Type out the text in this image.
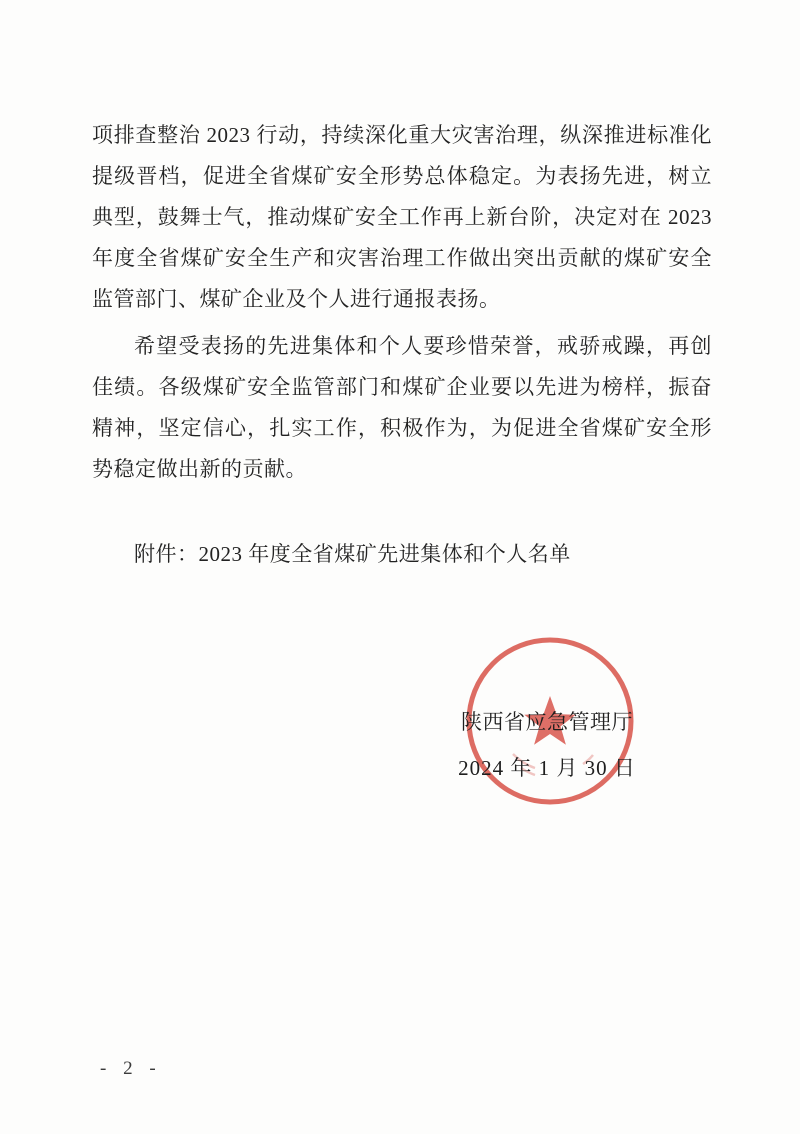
项排查整治 2023 行动，持续深化重大灾害治理，纵深推进标准化
提级晋档，促进全省煤矿安全形势总体稳定。为表扬先进，树立
典型，鼓舞士气，推动煤矿安全工作再上新台阶，决定对在 2023
年度全省煤矿安全生产和灾害治理工作做出突出贡献的煤矿安全
监管部门、煤矿企业及个人进行通报表扬。
希望受表扬的先进集体和个人要珍惜荣誉，戒骄戒躁，再创
佳绩。各级煤矿安全监管部门和煤矿企业要以先进为榜样，振奋
精神，坚定信心，扎实工作，积极作为，为促进全省煤矿安全形
势稳定做出新的贡献。
附件：2023 年度全省煤矿先进集体和个人名单
陕西省应急管理厅
2024 年 1 月 30 日
- 2 -
